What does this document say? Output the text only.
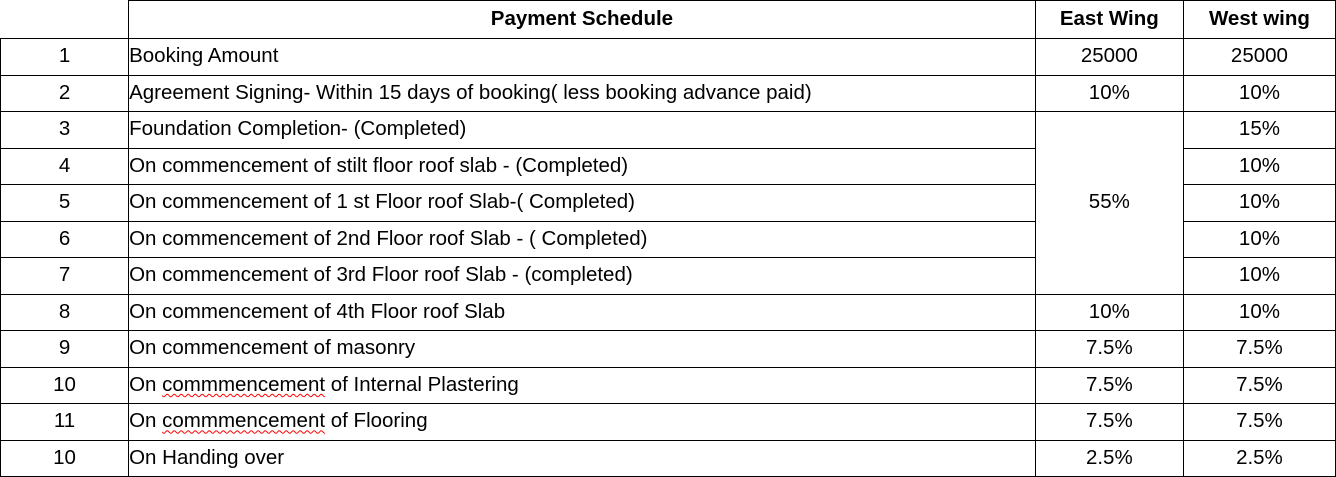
	Payment Schedule	East Wing	West wing
1	Booking Amount	25000	25000
2	Agreement Signing- Within 15 days of booking( less booking advance paid)	10%	10%
3	Foundation Completion- (Completed)	55%	15%
4	On commencement of stilt floor roof slab - (Completed)		10%
5	On commencement of 1 st Floor roof Slab-( Completed)		10%
6	On commencement of 2nd Floor roof Slab - ( Completed)		10%
7	On commencement of 3rd Floor roof Slab - (completed)		10%
8	On commencement of 4th Floor roof Slab	10%	10%
9	On commencement of masonry	7.5%	7.5%
10	On commmencement of Internal Plastering	7.5%	7.5%
11	On commmencement of Flooring	7.5%	7.5%
10	On Handing over	2.5%	2.5%
